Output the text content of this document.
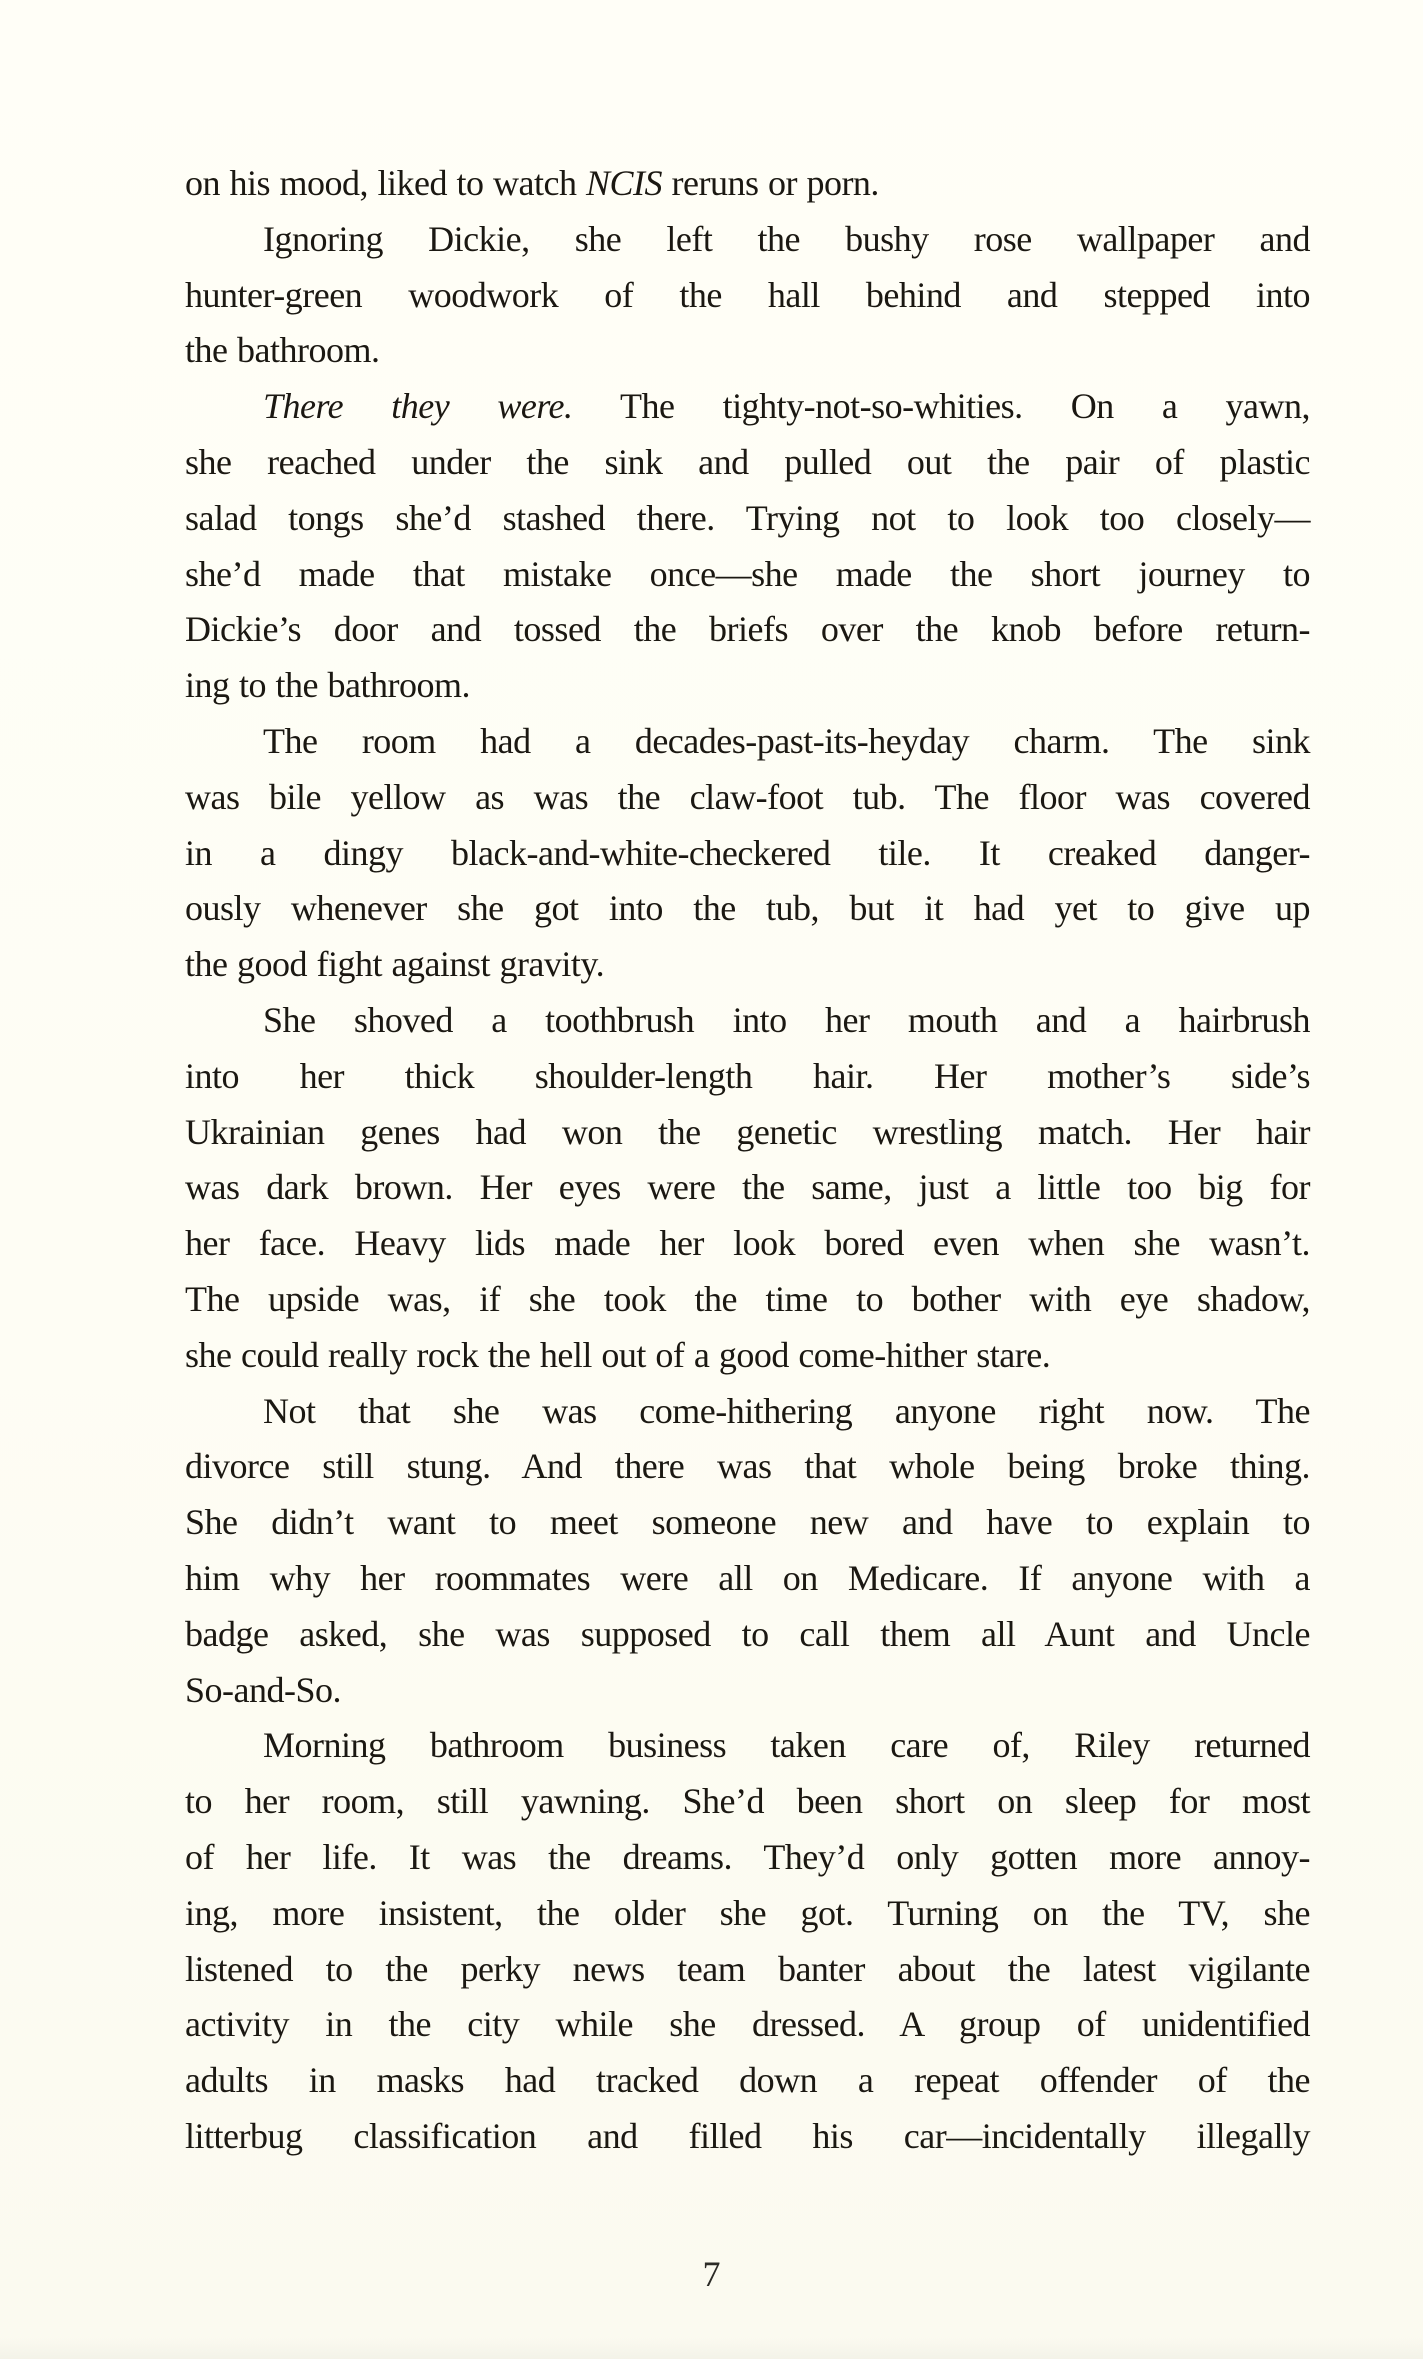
on his mood, liked to watch NCIS reruns or porn.
Ignoring Dickie, she left the bushy rose wallpaper and
hunter-green woodwork of the hall behind and stepped into
the bathroom.
There they were. The tighty-not-so-whities. On a yawn,
she reached under the sink and pulled out the pair of plastic
salad tongs she’d stashed there. Trying not to look too closely—
she’d made that mistake once—she made the short journey to
Dickie’s door and tossed the briefs over the knob before return-
ing to the bathroom.
The room had a decades-past-its-heyday charm. The sink
was bile yellow as was the claw-foot tub. The floor was covered
in a dingy black-and-white-checkered tile. It creaked danger-
ously whenever she got into the tub, but it had yet to give up
the good fight against gravity.
She shoved a toothbrush into her mouth and a hairbrush
into her thick shoulder-length hair. Her mother’s side’s
Ukrainian genes had won the genetic wrestling match. Her hair
was dark brown. Her eyes were the same, just a little too big for
her face. Heavy lids made her look bored even when she wasn’t.
The upside was, if she took the time to bother with eye shadow,
she could really rock the hell out of a good come-hither stare.
Not that she was come-hithering anyone right now. The
divorce still stung. And there was that whole being broke thing.
She didn’t want to meet someone new and have to explain to
him why her roommates were all on Medicare. If anyone with a
badge asked, she was supposed to call them all Aunt and Uncle
So-and-So.
Morning bathroom business taken care of, Riley returned
to her room, still yawning. She’d been short on sleep for most
of her life. It was the dreams. They’d only gotten more annoy-
ing, more insistent, the older she got. Turning on the TV, she
listened to the perky news team banter about the latest vigilante
activity in the city while she dressed. A group of unidentified
adults in masks had tracked down a repeat offender of the
litterbug classification and filled his car—incidentally illegally
7
